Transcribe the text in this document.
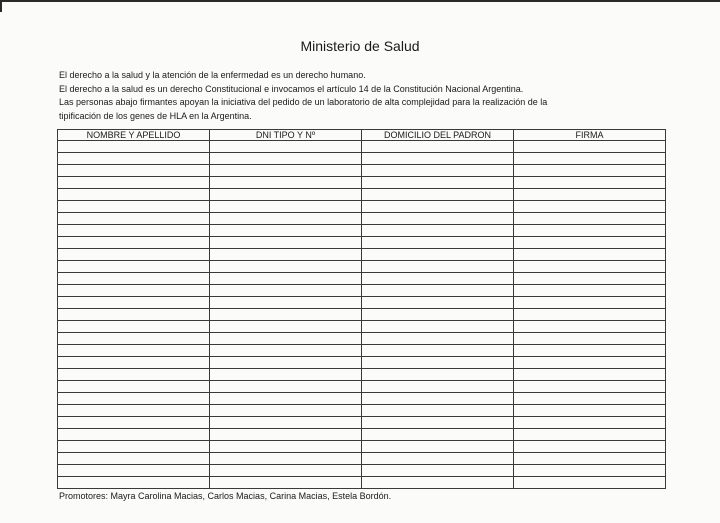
Ministerio de Salud

El derecho a la salud y la atención de la enfermedad es un derecho humano.

El derecho a la salud es un derecho Constitucional e invocamos el artículo 14 de la Constitución Nacional Argentina.

Las personas abajo firmantes apoyan la iniciativa del pedido de un laboratorio de alta complejidad para la realización de la

tipificación de los genes de HLA en la Argentina.

NOMBRE Y APELLIDO	DNI TIPO Y Nº	DOMICILIO DEL PADRON	FIRMA

Promotores: Mayra Carolina Macias, Carlos Macias, Carina Macias, Estela Bordón.
